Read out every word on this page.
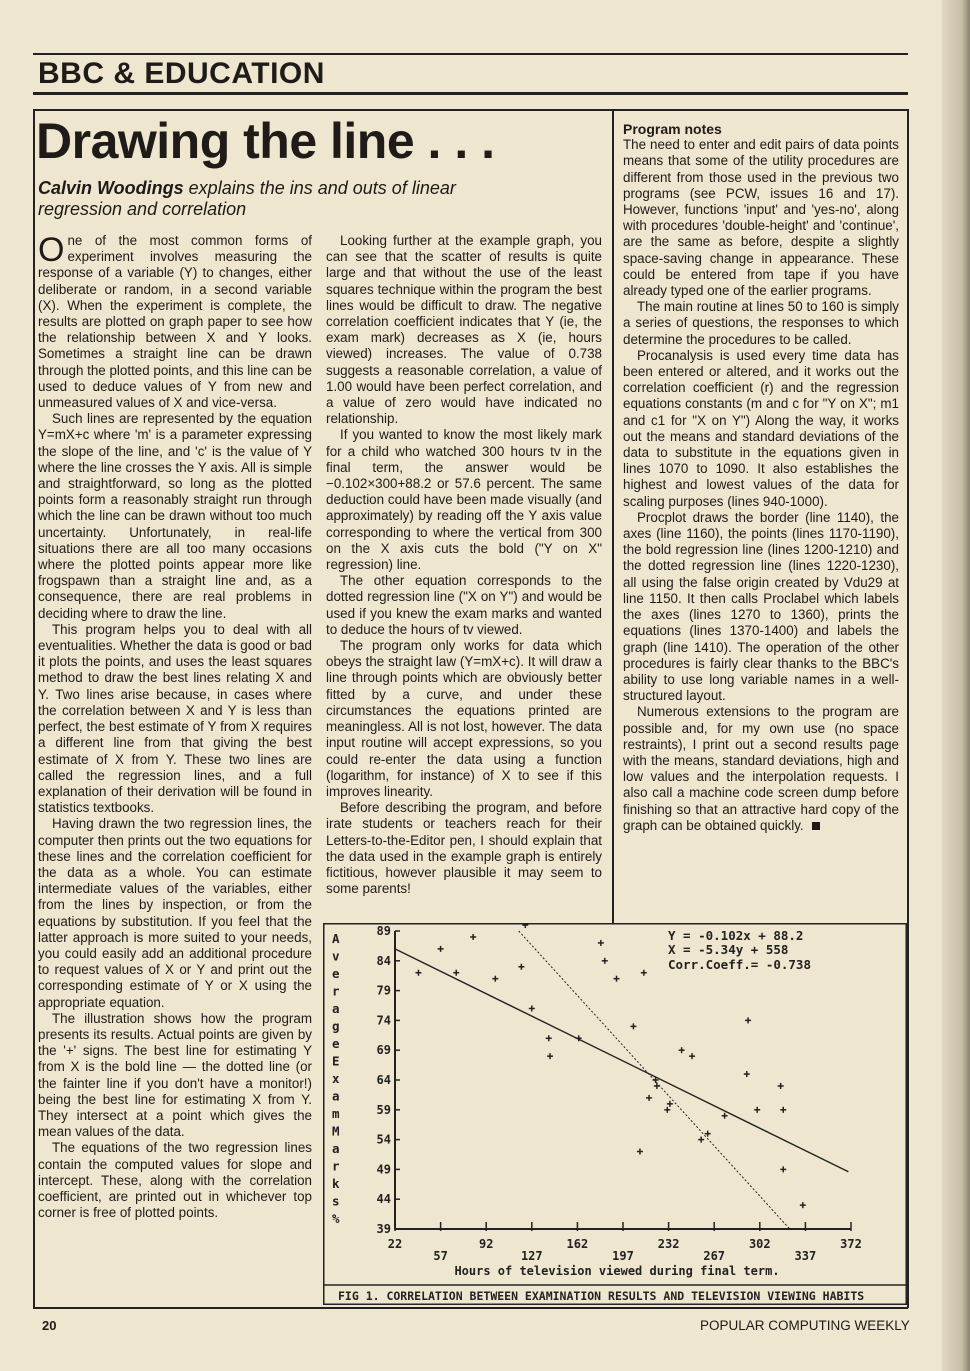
BBC & EDUCATION
Drawing the line . . .
Calvin Woodings explains the ins and outs of linear regression and correlation

One of the most common forms of experiment involves measuring the response of a variable (Y) to changes, either deliberate or random, in a second variable (X). When the experiment is complete, the results are plotted on graph paper to see how the relationship between X and Y looks. Sometimes a straight line can be drawn through the plotted points, and this line can be used to deduce values of Y from new and unmeasured values of X and vice-versa.

Such lines are represented by the equation Y=mX+c where 'm' is a parameter expressing the slope of the line, and 'c' is the value of Y where the line crosses the Y axis. All is simple and straightforward, so long as the plotted points form a reasonably straight run through which the line can be drawn without too much uncertainty. Unfortunately, in real-life situations there are all too many occasions where the plotted points appear more like frogspawn than a straight line and, as a consequence, there are real problems in deciding where to draw the line.

This program helps you to deal with all eventualities. Whether the data is good or bad it plots the points, and uses the least squares method to draw the best lines relating X and Y. Two lines arise because, in cases where the correlation between X and Y is less than perfect, the best estimate of Y from X requires a different line from that giving the best estimate of X from Y. These two lines are called the regression lines, and a full explanation of their derivation will be found in statistics textbooks.

Having drawn the two regression lines, the computer then prints out the two equations for these lines and the correlation coefficient for the data as a whole. You can estimate intermediate values of the variables, either from the lines by inspection, or from the equations by substitution. If you feel that the latter approach is more suited to your needs, you could easily add an additional procedure to request values of X or Y and print out the corresponding estimate of Y or X using the appropriate equation.

The illustration shows how the program presents its results. Actual points are given by the '+' signs. The best line for estimating Y from X is the bold line — the dotted line (or the fainter line if you don't have a monitor!) being the best line for estimating X from Y. They intersect at a point which gives the mean values of the data.

The equations of the two regression lines contain the computed values for slope and intercept. These, along with the correlation coefficient, are printed out in whichever top corner is free of plotted points.

Looking further at the example graph, you can see that the scatter of results is quite large and that without the use of the least squares technique within the program the best lines would be difficult to draw. The negative correlation coefficient indicates that Y (ie, the exam mark) decreases as X (ie, hours viewed) increases. The value of 0.738 suggests a reasonable correlation, a value of 1.00 would have been perfect correlation, and a value of zero would have indicated no relationship.

If you wanted to know the most likely mark for a child who watched 300 hours tv in the final term, the answer would be −0.102×300+88.2 or 57.6 percent. The same deduction could have been made visually (and approximately) by reading off the Y axis value corresponding to where the vertical from 300 on the X axis cuts the bold ("Y on X" regression) line.

The other equation corresponds to the dotted regression line ("X on Y") and would be used if you knew the exam marks and wanted to deduce the hours of tv viewed.

The program only works for data which obeys the straight law (Y=mX+c). It will draw a line through points which are obviously better fitted by a curve, and under these circumstances the equations printed are meaningless. All is not lost, however. The data input routine will accept expressions, so you could re-enter the data using a function (logarithm, for instance) of X to see if this improves linearity.

Before describing the program, and before irate students or teachers reach for their Letters-to-the-Editor pen, I should explain that the data used in the example graph is entirely fictitious, however plausible it may seem to some parents!

Program notes

The need to enter and edit pairs of data points means that some of the utility procedures are different from those used in the previous two programs (see PCW, issues 16 and 17). However, functions 'input' and 'yes-no', along with procedures 'double-height' and 'continue', are the same as before, despite a slightly space-saving change in appearance. These could be entered from tape if you have already typed one of the earlier programs.

The main routine at lines 50 to 160 is simply a series of questions, the responses to which determine the procedures to be called.

Procanalysis is used every time data has been entered or altered, and it works out the correlation coefficient (r) and the regression equations constants (m and c for "Y on X"; m1 and c1 for "X on Y") Along the way, it works out the means and standard deviations of the data to substitute in the equations given in lines 1070 to 1090. It also establishes the highest and lowest values of the data for scaling purposes (lines 940-1000).

Procplot draws the border (line 1140), the axes (line 1160), the points (lines 1170-1190), the bold regression line (lines 1200-1210) and the dotted regression line (lines 1220-1230), all using the false origin created by Vdu29 at line 1150. It then calls Proclabel which labels the axes (lines 1270 to 1360), prints the equations (lines 1370-1400) and labels the graph (line 1410). The operation of the other procedures is fairly clear thanks to the BBC's ability to use long variable names in a well-structured layout.

Numerous extensions to the program are possible and, for my own use (no space restraints), I print out a second results page with the means, standard deviations, high and low values and the interpolation requests. I also call a machine code screen dump before finishing so that an attractive hard copy of the graph can be obtained quickly.

A v e r a g e E x a m M a r k s %
89
84
79
74
69
64
59
54
49
44
39
22	92	162	232	302	372
57	127	197	267	337
Y = -0.102x + 88.2
X = -5.34y + 558
Corr.Coeff.= -0.738
Hours of television viewed during final term.
FIG 1. CORRELATION BETWEEN EXAMINATION RESULTS AND TELEVISION VIEWING HABITS
20	POPULAR COMPUTING WEEKLY
